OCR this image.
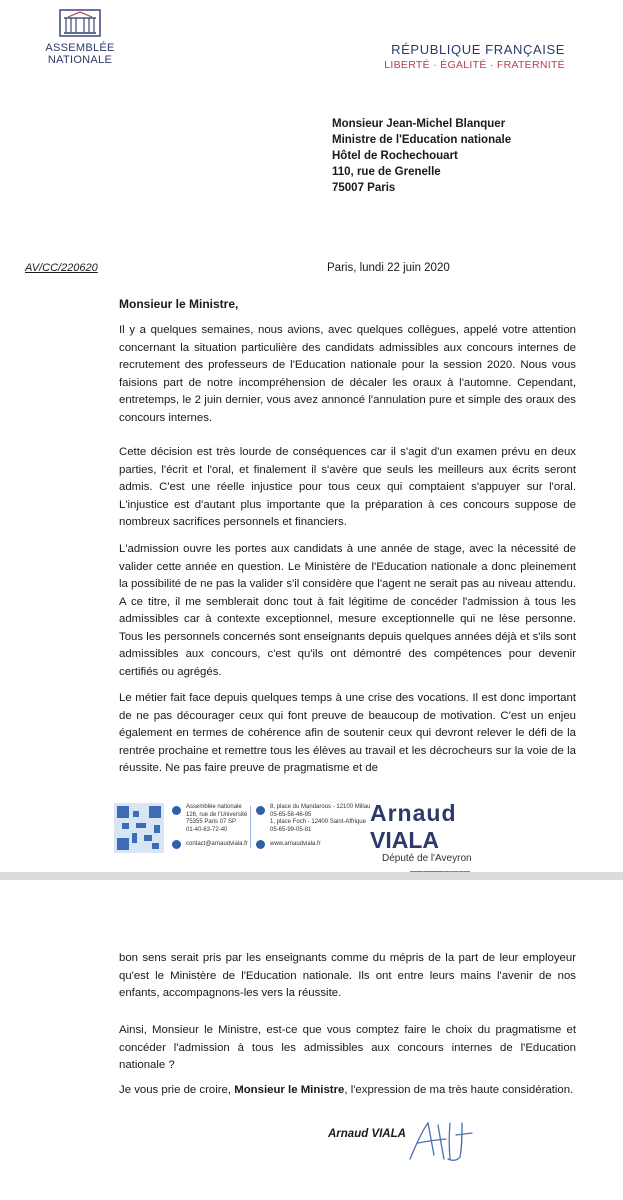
ASSEMBLÉE
NATIONALE
RÉPUBLIQUE FRANÇAISE
LIBERTÉ · ÉGALITÉ · FRATERNITÉ
Monsieur Jean-Michel Blanquer
Ministre de l'Education nationale
Hôtel de Rochechouart
110, rue de Grenelle
75007 Paris
AV/CC/220620	Paris, lundi 22 juin 2020
Monsieur le Ministre,

Il y a quelques semaines, nous avions, avec quelques collègues, appelé votre attention concernant la situation particulière des candidats admissibles aux concours internes de recrutement des professeurs de l'Education nationale pour la session 2020. Nous vous faisions part de notre incompréhension de décaler les oraux à l'automne. Cependant, entretemps, le 2 juin dernier, vous avez annoncé l'annulation pure et simple des oraux des concours internes.

Cette décision est très lourde de conséquences car il s'agit d'un examen prévu en deux parties, l'écrit et l'oral, et finalement il s'avère que seuls les meilleurs aux écrits seront admis. C'est une réelle injustice pour tous ceux qui comptaient s'appuyer sur l'oral. L'injustice est d'autant plus importante que la préparation à ces concours suppose de nombreux sacrifices personnels et financiers.

L'admission ouvre les portes aux candidats à une année de stage, avec la nécessité de valider cette année en question. Le Ministère de l'Education nationale a donc pleinement la possibilité de ne pas la valider s'il considère que l'agent ne serait pas au niveau attendu. A ce titre, il me semblerait donc tout à fait légitime de concéder l'admission à tous les admissibles car à contexte exceptionnel, mesure exceptionnelle qui ne lèse personne. Tous les personnels concernés sont enseignants depuis quelques années déjà et s'ils sont admissibles aux concours, c'est qu'ils ont démontré des compétences pour devenir certifiés ou agrégés.

Le métier fait face depuis quelques temps à une crise des vocations. Il est donc important de ne pas décourager ceux qui font preuve de beaucoup de motivation. C'est un enjeu également en termes de cohérence afin de soutenir ceux qui devront relever le défi de la rentrée prochaine et remettre tous les élèves au travail et les décrocheurs sur la voie de la réussite. Ne pas faire preuve de pragmatisme et de

Assemblée nationale
126, rue de l'Université
75355 Paris 07 SP
01-40-63-72-40
contact@arnaudviala.fr
8, place du Mandarous - 12100 Millau
05-65-58-46-95
1, place Foch - 12400 Saint-Affrique
05-65-99-05-81
www.arnaudviala.fr
Arnaud VIALA
Député de l'Aveyron

bon sens serait pris par les enseignants comme du mépris de la part de leur employeur qu'est le Ministère de l'Education nationale. Ils ont entre leurs mains l'avenir de nos enfants, accompagnons-les vers la réussite.

Ainsi, Monsieur le Ministre, est-ce que vous comptez faire le choix du pragmatisme et concéder l'admission à tous les admissibles aux concours internes de l'Education nationale ?

Je vous prie de croire, Monsieur le Ministre, l'expression de ma très haute considération.

Arnaud VIALA
